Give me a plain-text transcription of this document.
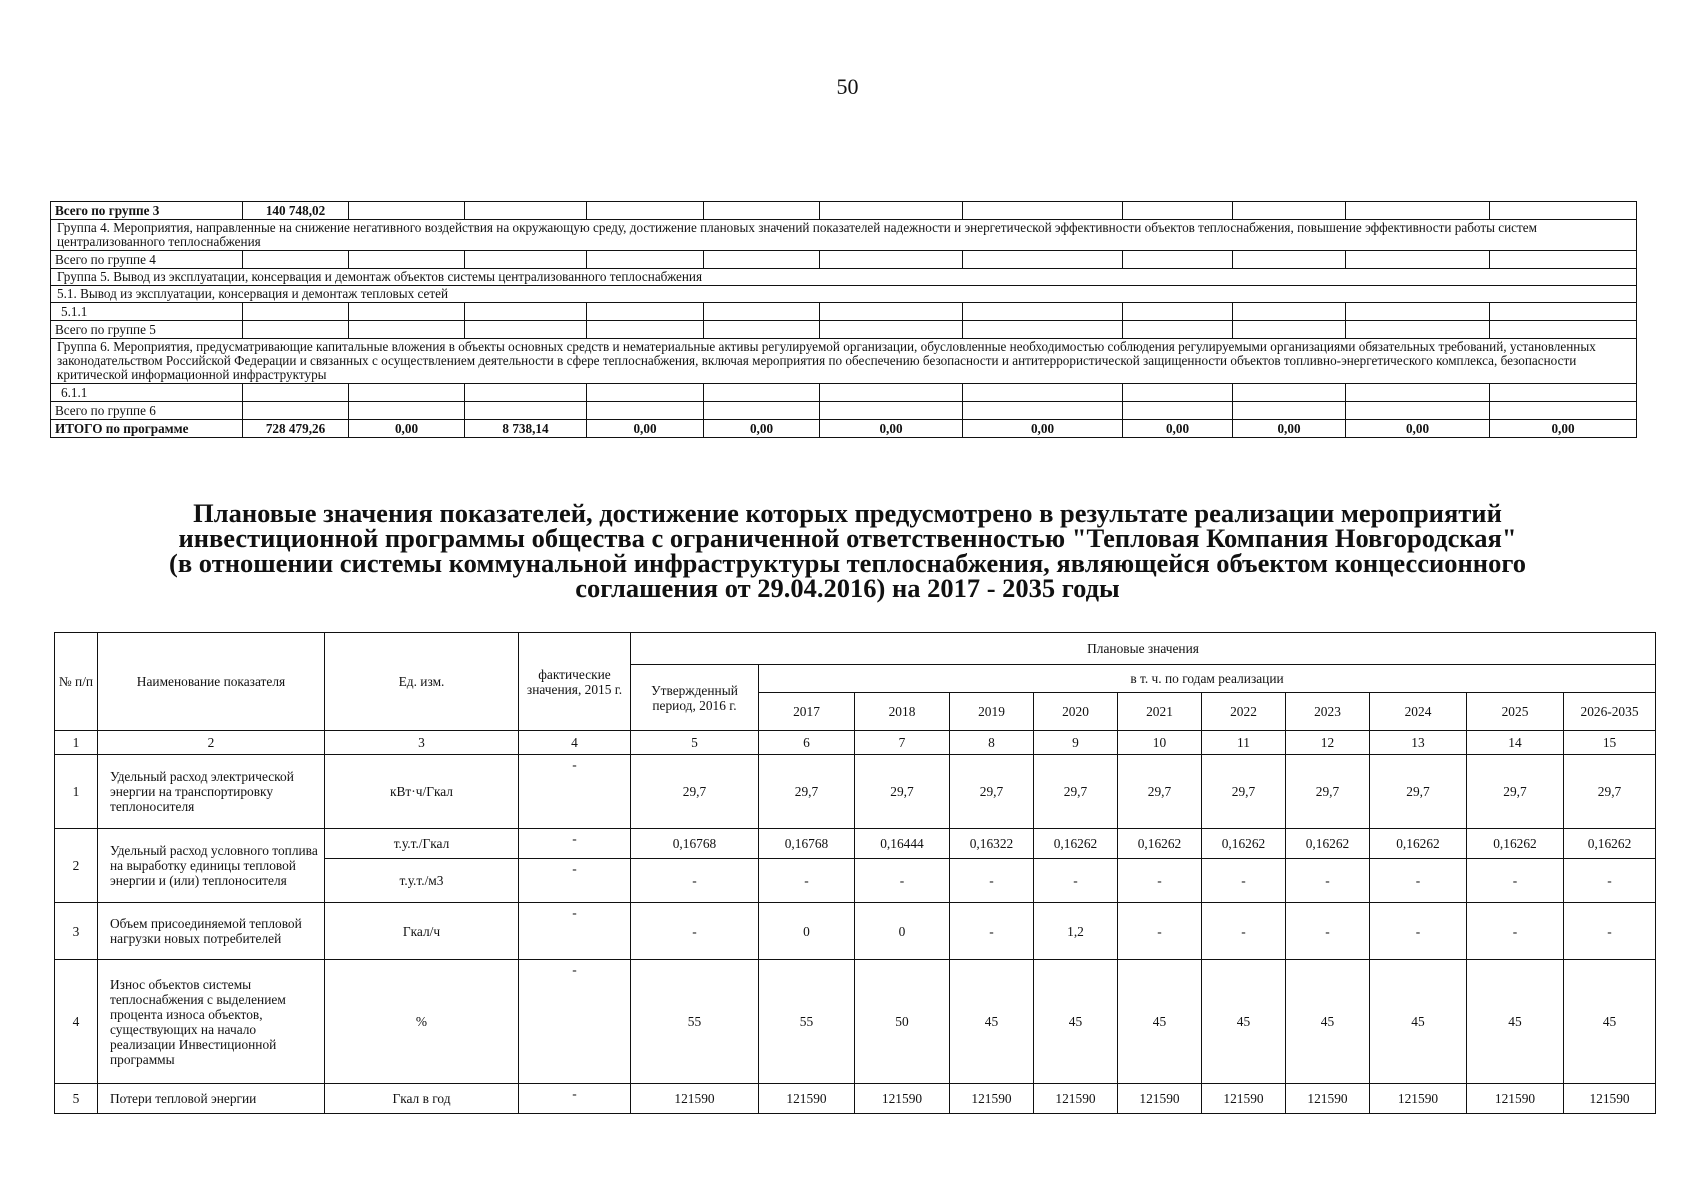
50
Всего по группе 3	140 748,02										
Группа 4. Мероприятия, направленные на снижение негативного воздействия на окружающую среду, достижение плановых значений показателей надежности и энергетической эффективности объектов теплоснабжения, повышение эффективности работы систем централизованного теплоснабжения											
Всего по группе 4											
Группа 5. Вывод из эксплуатации, консервация и демонтаж объектов системы централизованного теплоснабжения											
5.1. Вывод из эксплуатации, консервация и демонтаж тепловых сетей											
5.1.1											
Всего по группе 5											
Группа 6. Мероприятия, предусматривающие капитальные вложения в объекты основных средств и нематериальные активы регулируемой организации, обусловленные необходимостью соблюдения регулируемыми организациями обязательных требований, установленных законодательством Российской Федерации и связанных с осуществлением деятельности в сфере теплоснабжения, включая мероприятия по обеспечению безопасности и антитеррористической защищенности объектов топливно-энергетического комплекса, безопасности критической информационной инфраструктуры											
6.1.1											
Всего по группе 6											
ИТОГО по программе	728 479,26	0,00	8 738,14	0,00	0,00	0,00	0,00	0,00	0,00	0,00	0,00
Плановые значения показателей, достижение которых предусмотрено в результате реализации мероприятий
инвестиционной программы общества с ограниченной ответственностью "Тепловая Компания Новгородская"
(в отношении системы коммунальной инфраструктуры теплоснабжения, являющейся объектом концессионного
соглашения от 29.04.2016) на 2017 - 2035 годы
№ п/п	Наименование показателя	Ед. изм.	фактические значения, 2015 г.	Плановые значения										
				Утвержденный период, 2016 г.	в т. ч. по годам реализации									
					2017	2018	2019	2020	2021	2022	2023	2024	2025	2026-2035
1	2	3	4	5	6	7	8	9	10	11	12	13	14	15
1	Удельный расход электрической энергии на транспортировку теплоносителя	кВт·ч/Гкал	-	29,7	29,7	29,7	29,7	29,7	29,7	29,7	29,7	29,7	29,7	29,7
2	Удельный расход условного топлива на выработку единицы тепловой энергии и (или) теплоносителя	т.у.т./Гкал	-	0,16768	0,16768	0,16444	0,16322	0,16262	0,16262	0,16262	0,16262	0,16262	0,16262	0,16262
		т.у.т./м3	-	-	-	-	-	-	-	-	-	-	-	-
3	Объем присоединяемой тепловой нагрузки новых потребителей	Гкал/ч	-	-	0	0	-	1,2	-	-	-	-	-	-
4	Износ объектов системы теплоснабжения с выделением процента износа объектов, существующих на начало реализации Инвестиционной программы	%	-	55	55	50	45	45	45	45	45	45	45	45
5	Потери тепловой энергии	Гкал в год	-	121590	121590	121590	121590	121590	121590	121590	121590	121590	121590	121590
